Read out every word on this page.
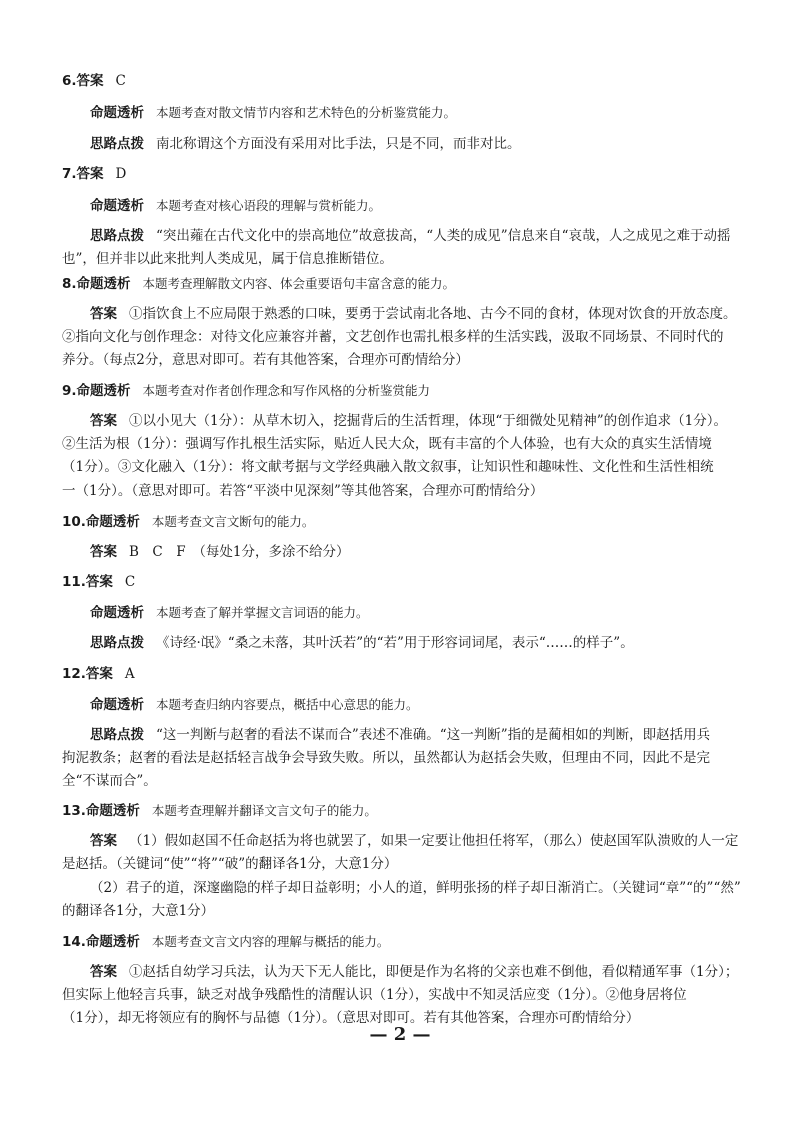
6.答案 C
命题透析 本题考查对散文情节内容和艺术特色的分析鉴赏能力。
思路点拨 南北称谓这个方面没有采用对比手法，只是不同，而非对比。
7.答案 D
命题透析 本题考查对核心语段的理解与赏析能力。
思路点拨 “突出蕹在古代文化中的崇高地位”故意拔高，“人类的成见”信息来自“哀哉，人之成见之难于动摇
也”，但并非以此来批判人类成见，属于信息推断错位。
8.命题透析 本题考查理解散文内容、体会重要语句丰富含意的能力。
答案 ①指饮食上不应局限于熟悉的口味，要勇于尝试南北各地、古今不同的食材，体现对饮食的开放态度。
②指向文化与创作理念：对待文化应兼容并蓄，文艺创作也需扎根多样的生活实践，汲取不同场景、不同时代的
养分。（每点2分，意思对即可。若有其他答案，合理亦可酌情给分）
9.命题透析 本题考查对作者创作理念和写作风格的分析鉴赏能力
答案 ①以小见大（1分）：从草木切入，挖掘背后的生活哲理，体现“于细微处见精神”的创作追求（1分）。
②生活为根（1分）：强调写作扎根生活实际，贴近人民大众，既有丰富的个人体验，也有大众的真实生活情境
（1分）。③文化融入（1分）：将文献考据与文学经典融入散文叙事，让知识性和趣味性、文化性和生活性相统
一（1分）。（意思对即可。若答“平淡中见深刻”等其他答案，合理亦可酌情给分）
10.命题透析 本题考查文言文断句的能力。
答案 B　C　F　（每处1分，多涂不给分）
11.答案 C
命题透析 本题考查了解并掌握文言词语的能力。
思路点拨 《诗经·氓》“桑之未落，其叶沃若”的“若”用于形容词词尾，表示“……的样子”。
12.答案 A
命题透析 本题考查归纳内容要点，概括中心意思的能力。
思路点拨 “这一判断与赵奢的看法不谋而合”表述不准确。“这一判断”指的是蔺相如的判断，即赵括用兵
拘泥教条；赵奢的看法是赵括轻言战争会导致失败。所以，虽然都认为赵括会失败，但理由不同，因此不是完
全“不谋而合”。
13.命题透析 本题考查理解并翻译文言文句子的能力。
答案 （1）假如赵国不任命赵括为将也就罢了，如果一定要让他担任将军，（那么）使赵国军队溃败的人一定
是赵括。（关键词“使”“将”“破”的翻译各1分，大意1分）
（2）君子的道，深邃幽隐的样子却日益彰明；小人的道，鲜明张扬的样子却日渐消亡。（关键词“章”“的”“然”
的翻译各1分，大意1分）
14.命题透析 本题考查文言文内容的理解与概括的能力。
答案 ①赵括自幼学习兵法，认为天下无人能比，即便是作为名将的父亲也难不倒他，看似精通军事（1分）；
但实际上他轻言兵事，缺乏对战争残酷性的清醒认识（1分），实战中不知灵活应变（1分）。②他身居将位
（1分），却无将领应有的胸怀与品德（1分）。（意思对即可。若有其他答案，合理亦可酌情给分）
— 2 —
